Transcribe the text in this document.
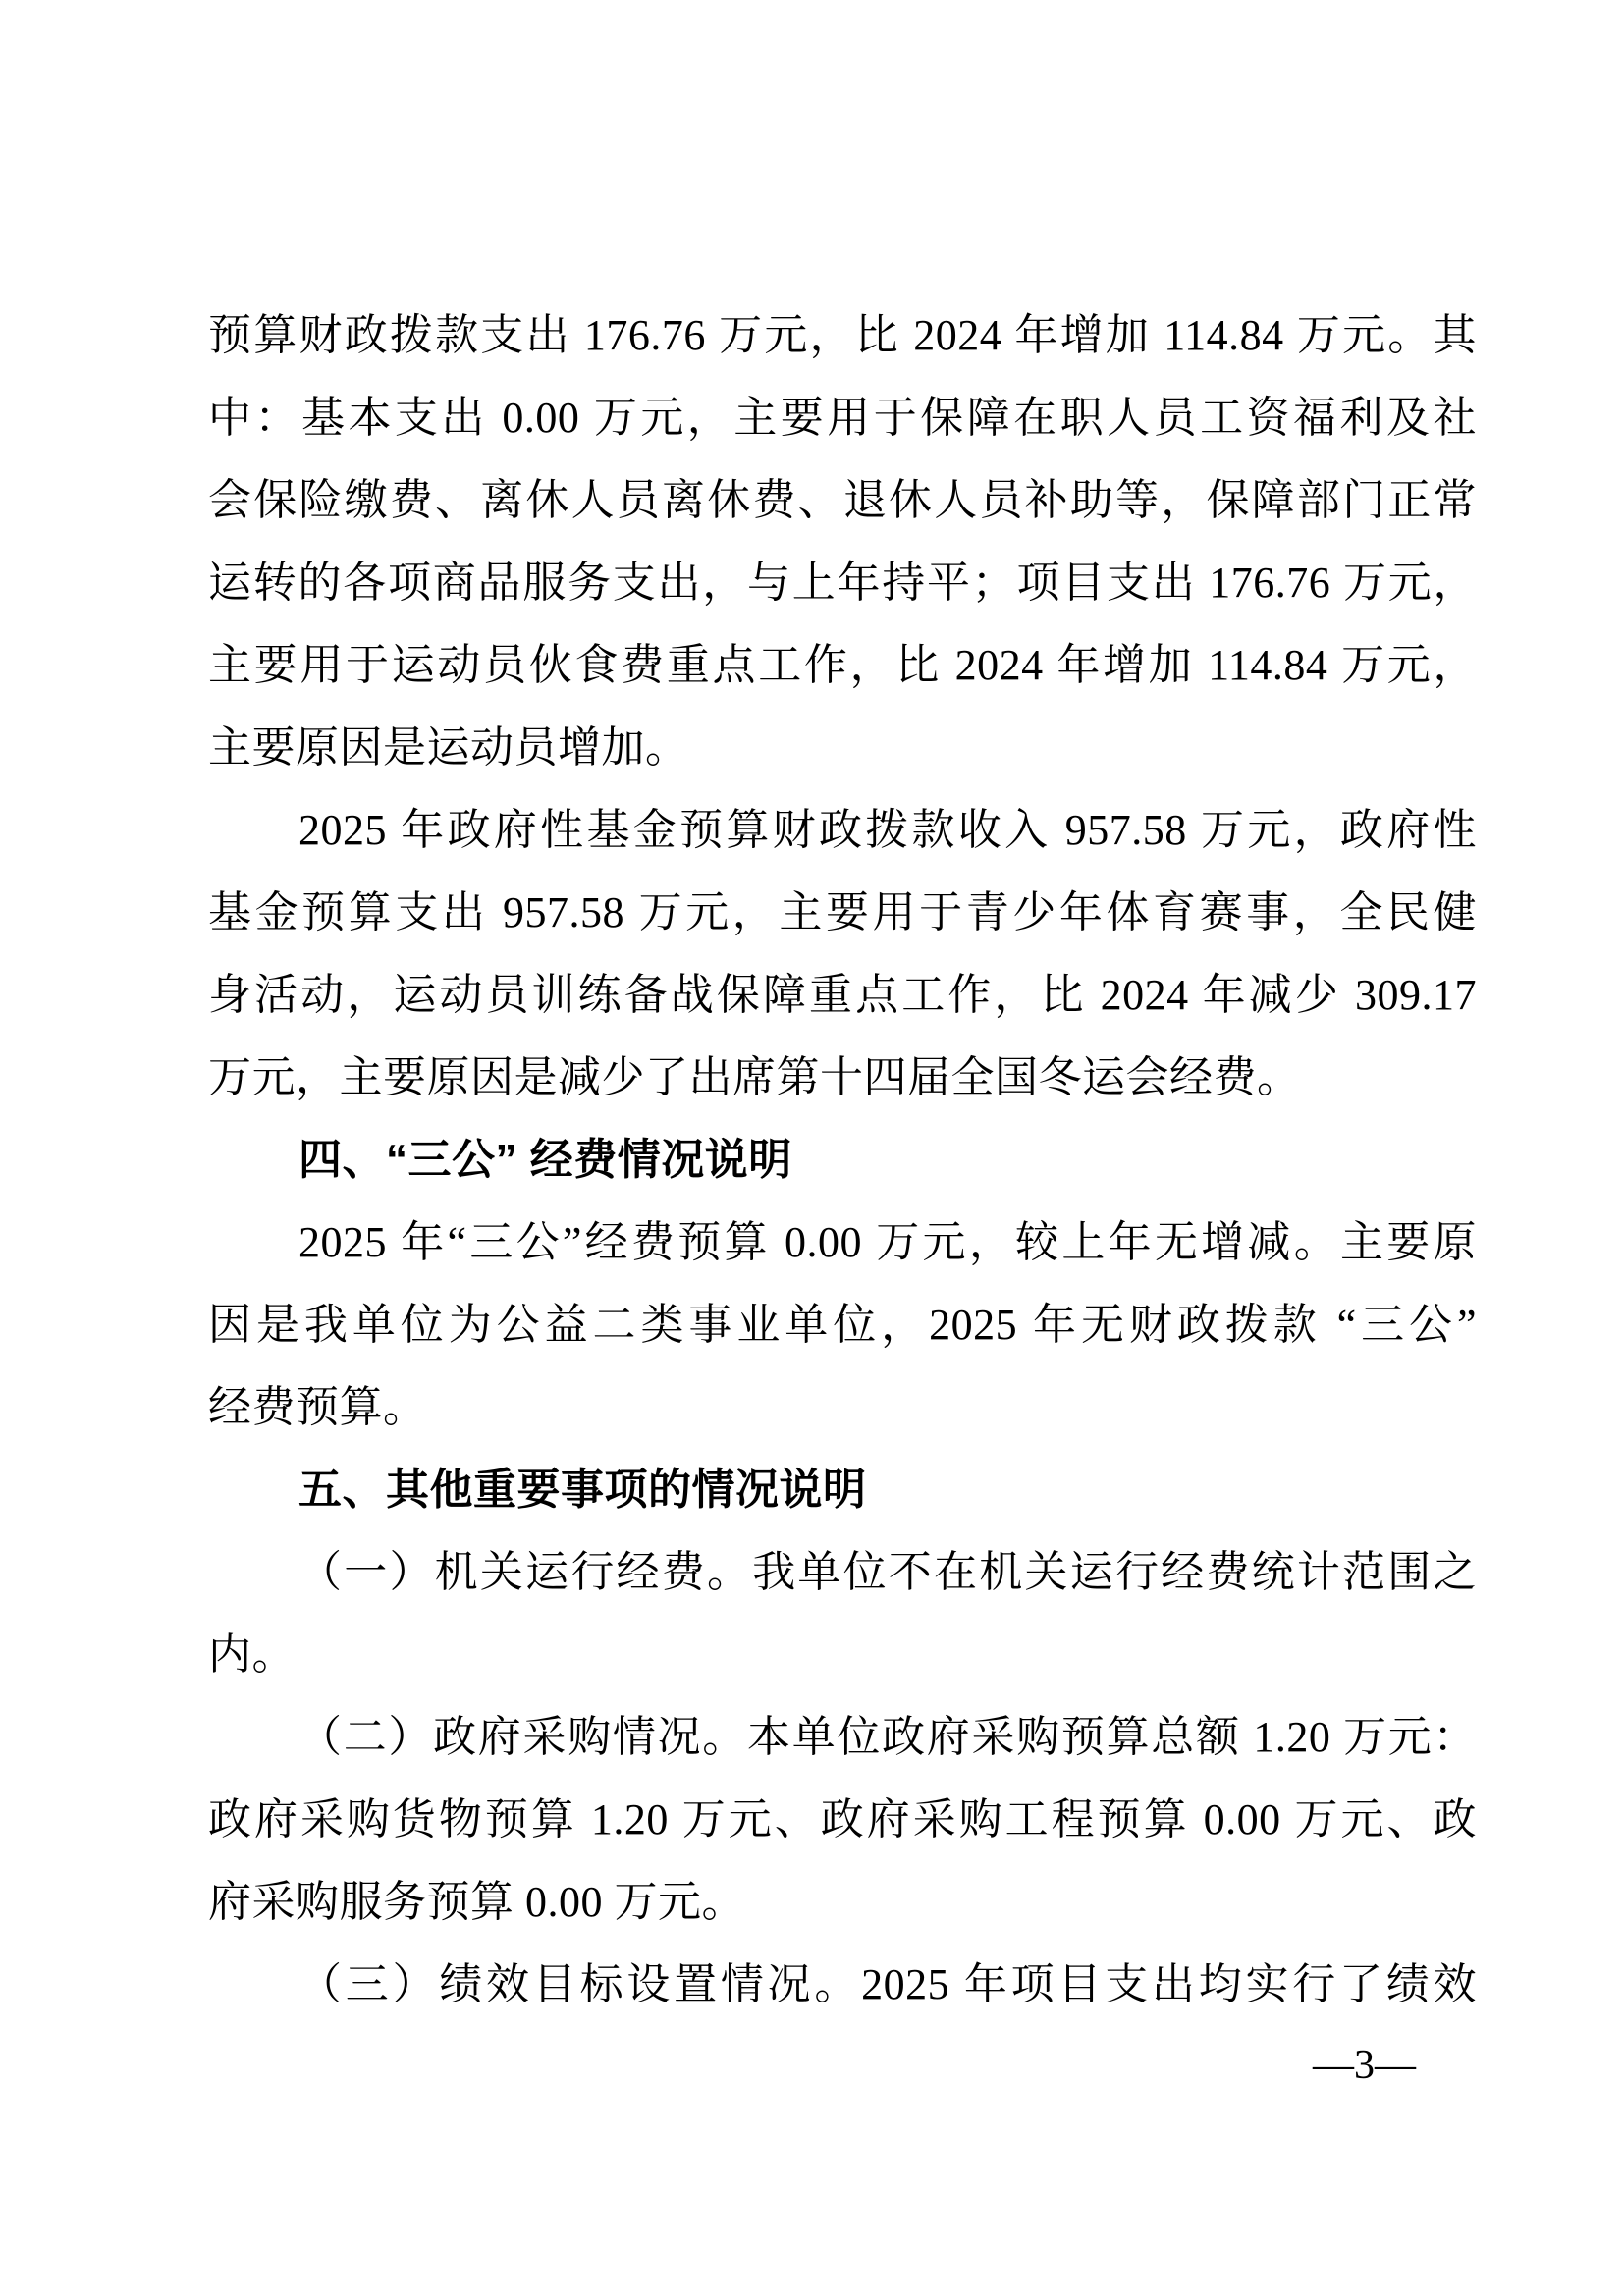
预算财政拨款支出 176.76 万元，比 2024 年增加 114.84 万元。其
中：基本支出 0.00 万元，主要用于保障在职人员工资福利及社
会保险缴费、离休人员离休费、退休人员补助等，保障部门正常
运转的各项商品服务支出，与上年持平；项目支出 176.76 万元，
主要用于运动员伙食费重点工作，比 2024 年增加 114.84 万元，
主要原因是运动员增加。
2025 年政府性基金预算财政拨款收入 957.58 万元，政府性
基金预算支出 957.58 万元，主要用于青少年体育赛事，全民健
身活动，运动员训练备战保障重点工作，比 2024 年减少 309.17
万元，主要原因是减少了出席第十四届全国冬运会经费。
四、“三公” 经费情况说明
2025 年“三公”经费预算 0.00 万元，较上年无增减。主要原
因是我单位为公益二类事业单位，2025 年无财政拨款 “三公”
经费预算。
五、其他重要事项的情况说明
（一）机关运行经费。我单位不在机关运行经费统计范围之
内。
（二）政府采购情况。本单位政府采购预算总额 1.20 万元：
政府采购货物预算 1.20 万元、政府采购工程预算 0.00 万元、政
府采购服务预算 0.00 万元。
（三）绩效目标设置情况。2025 年项目支出均实行了绩效
—3—
